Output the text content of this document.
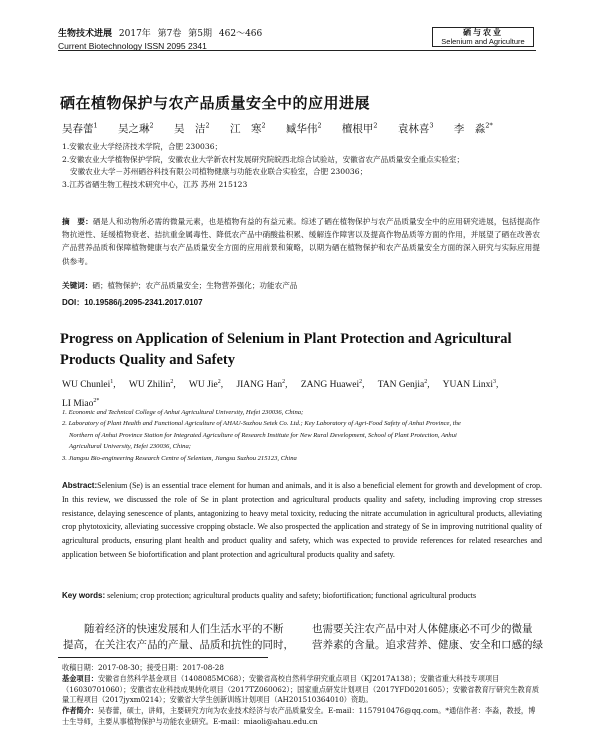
生物技术进展 2017年 第7卷 第5期 462～466
Current Biotechnology ISSN 2095 2341
硒与农业
Selenium and Agriculture
硒在植物保护与农产品质量安全中的应用进展
吴春蕾$^1$ 吴之琳$^2$ 吴　洁$^2$ 江　寒$^2$ 臧华伟$^2$ 檀根甲$^2$ 袁林喜$^3$ 李　淼$^{2*}$
1.安徽农业大学经济技术学院，合肥 230036；
2.安徽农业大学植物保护学院，安徽农业大学新农村发展研究院皖西北综合试验站，安徽省农产品质量安全重点实验室；
安徽农业大学－苏州硒谷科技有限公司植物健康与功能农业联合实验室，合肥 230036；
3.江苏省硒生物工程技术研究中心，江苏 苏州 215123

摘　要：硒是人和动物所必需的微量元素，也是植物有益的有益元素。综述了硒在植物保护与农产品质量安全中的应用研究进展，包括提高作物抗逆性、延缓植物衰老、拮抗重金属毒性、降低农产品中硝酸盐积累、缓解连作障害以及提高作物品质等方面的作用，并展望了硒在改善农产品营养品质和保障植物健康与农产品质量安全方面的应用前景和策略，以期为硒在植物保护和农产品质量安全方面的深入研究与实际应用提供参考。

关键词：硒；植物保护；农产品质量安全；生物营养强化；功能农产品

DOI：10.19586/j.2095-2341.2017.0107

Progress on Application of Selenium in Plant Protection and Agricultural Products Quality and Safety
WU Chunlei$^1$, WU Zhilin$^2$, WU Jie$^2$, JIANG Han$^2$, ZANG Huawei$^2$, TAN Genjia$^2$, YUAN Linxi$^3$, LI Miao$^{2*}$
1. Economic and Technical College of Anhui Agricultural University, Hefei 230036, China;
2. Laboratory of Plant Health and Functional Agriculture of AHAU-Suzhou Setek Co. Ltd.; Key Laboratory of Agri-Food Safety of Anhui Province, the
Northern of Anhui Province Station for Integrated Agriculture of Research Institute for New Rural Development, School of Plant Protection, Anhui
Agricultural University, Hefei 230036, China;
3. Jiangsu Bio-engineering Research Centre of Selenium, Jiangsu Suzhou 215123, China

Abstract:Selenium (Se) is an essential trace element for human and animals, and it is also a beneficial element for growth and development of crop. In this review, we discussed the role of Se in plant protection and agricultural products quality and safety, including improving crop stresses resistance, delaying senescence of plants, antagonizing to heavy metal toxicity, reducing the nitrate accumulation in agricultural products, alleviating crop phytotoxicity, alleviating successive cropping obstacle. We also prospected the application and strategy of Se in improving nutritional quality of agricultural products, ensuring plant health and product quality and safety, which was expected to provide references for related researches and application between Se biofortification and plant protection and agricultural products quality and safety.

Key words: selenium; crop protection; agricultural products quality and safety; biofortification; functional agricultural products

随着经济的快速发展和人们生活水平的不断
提高，在关注农产品的产量、品质和抗性的同时，
也需要关注农产品中对人体健康必不可少的微量
营养素的含量。追求营养、健康、安全和口感的绿
收稿日期：2017-08-30；接受日期：2017-08-28
基金项目：安徽省自然科学基金项目（1408085MC68）；安徽省高校自然科学研究重点项目（KJ2017A138）；安徽省重大科技专项项目（16030701060）；安徽省农业科技成果转化项目（2017TZ060062）；国家重点研发计划项目（2017YFD0201605）；安徽省教育厅研究生教育质量工程项目（2017jyxm0214）；安徽省大学生创新训练计划项目（AH201510364010）资助。
作者简介：吴春蕾，硕士，讲师，主要研究方向为农业技术经济与农产品质量安全。E-mail：1157910476@qq.com。*通信作者：李淼，教授，博士生导师，主要从事植物保护与功能农业研究。E-mail：miaoli@ahau.edu.cn
